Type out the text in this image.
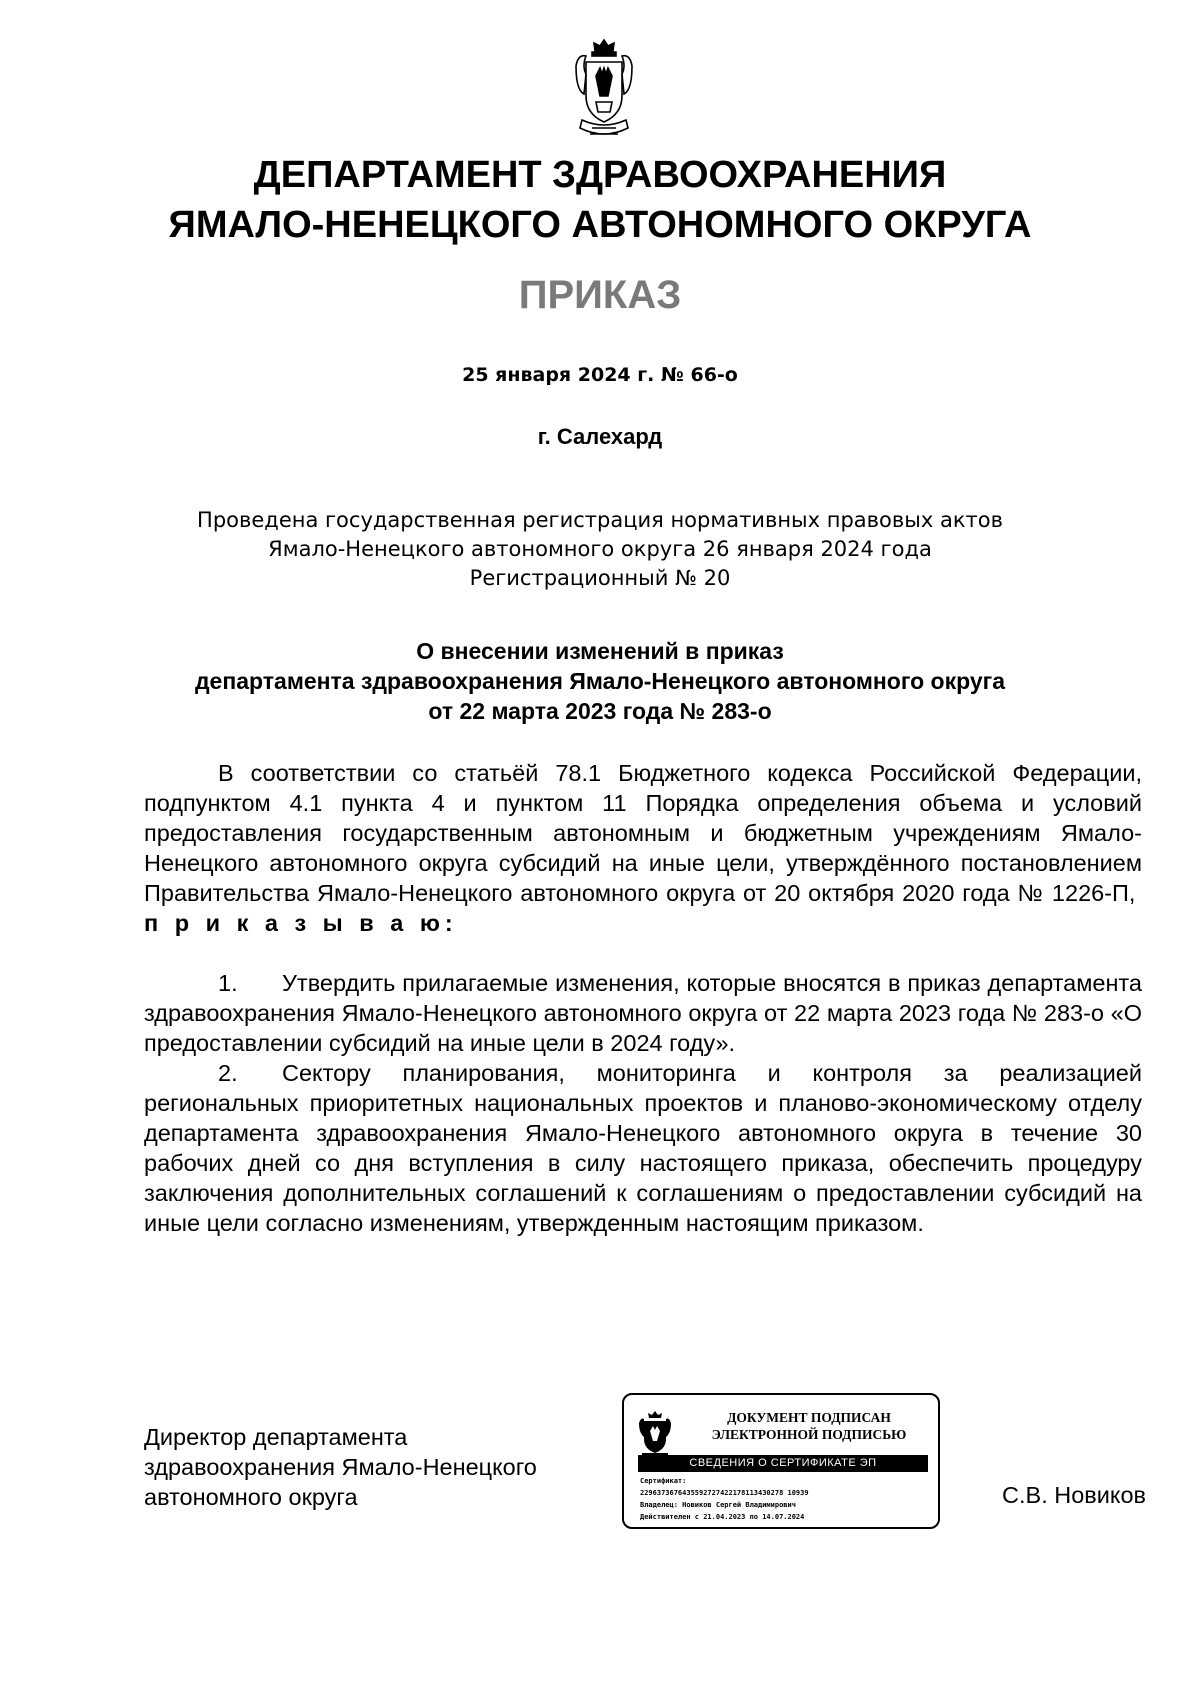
ДЕПАРТАМЕНТ ЗДРАВООХРАНЕНИЯ
ЯМАЛО-НЕНЕЦКОГО АВТОНОМНОГО ОКРУГА
ПРИКАЗ
25 января 2024 г. № 66-о
г. Салехард
Проведена государственная регистрация нормативных правовых актов
Ямало-Ненецкого автономного округа 26 января 2024 года
Регистрационный № 20
О внесении изменений в приказ
департамента здравоохранения Ямало-Ненецкого автономного округа
от 22 марта 2023 года № 283-о

В соответствии со статьёй 78.1 Бюджетного кодекса Российской Федерации, подпунктом 4.1 пункта 4 и пунктом 11 Порядка определения объема и условий предоставления государственным автономным и бюджетным учреждениям Ямало-Ненецкого автономного округа субсидий на иные цели, утверждённого постановлением Правительства Ямало-Ненецкого автономного округа от 20 октября 2020 года № 1226-П,  п р и к а з ы в а ю:

1. Утвердить прилагаемые изменения, которые вносятся в приказ департамента здравоохранения Ямало-Ненецкого автономного округа от 22 марта 2023 года № 283-о «О предоставлении субсидий на иные цели в 2024 году».

2. Сектору планирования, мониторинга и контроля за реализацией региональных приоритетных национальных проектов и планово-экономическому отделу департамента здравоохранения Ямало-Ненецкого автономного округа в течение 30 рабочих дней со дня вступления в силу настоящего приказа, обеспечить процедуру заключения дополнительных соглашений к соглашениям о предоставлении субсидий на иные цели согласно изменениям, утвержденным настоящим приказом.

Директор департамента
здравоохранения Ямало-Ненецкого
автономного округа
ДОКУМЕНТ ПОДПИСАН
ЭЛЕКТРОННОЙ ПОДПИСЬЮ
СВЕДЕНИЯ О СЕРТИФИКАТЕ ЭП
Сертификат:
2296373676435592727422178113430278 10939
Владелец: Новиков Сергей Владимирович
Действителен с 21.04.2023 по 14.07.2024
С.В. Новиков
